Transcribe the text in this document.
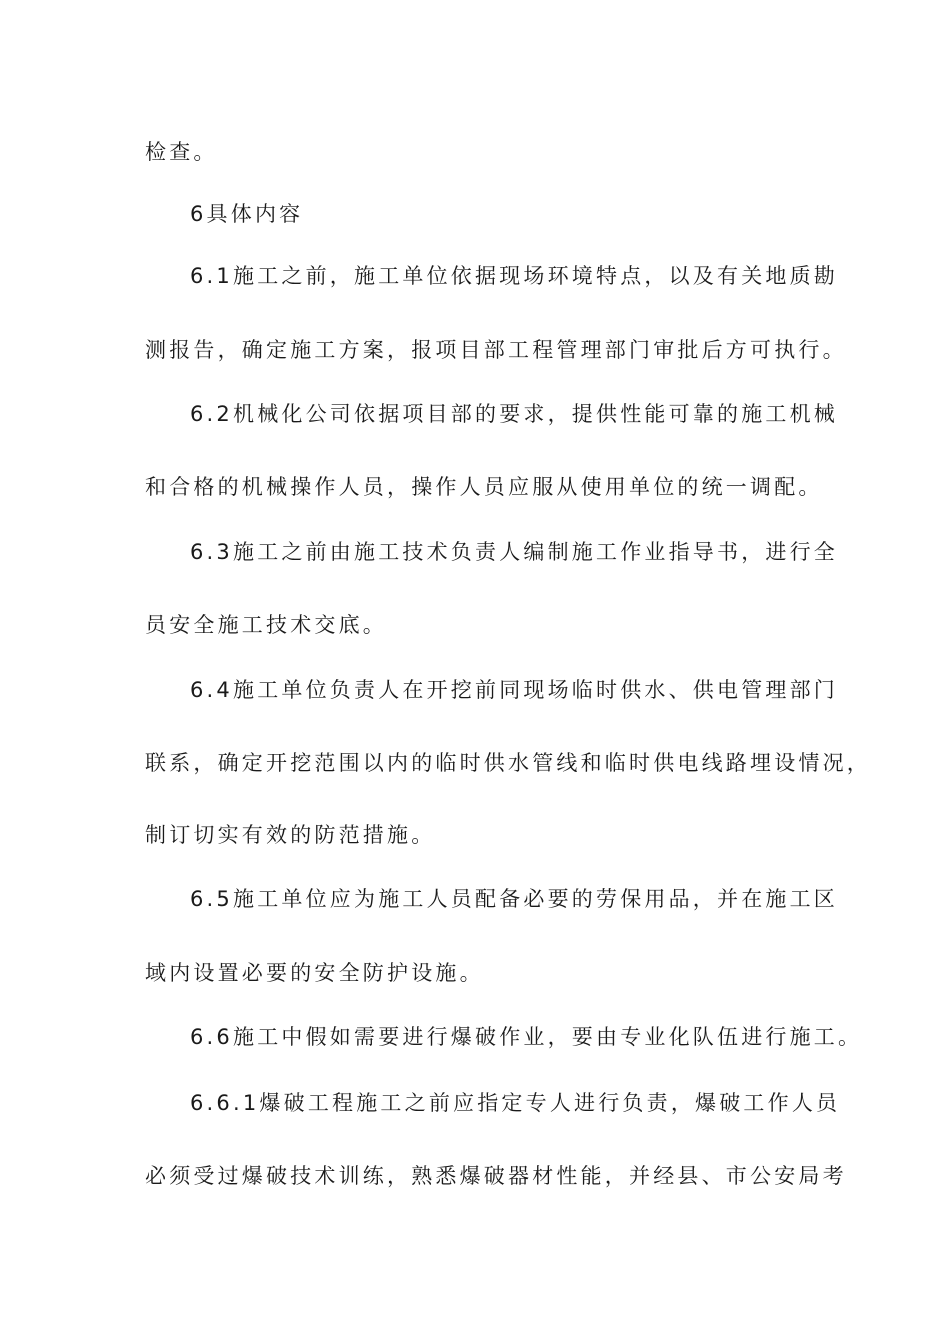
检查。
6具体内容
6.1施工之前，施工单位依据现场环境特点，以及有关地质勘
测报告，确定施工方案，报项目部工程管理部门审批后方可执行。
6.2机械化公司依据项目部的要求，提供性能可靠的施工机械
和合格的机械操作人员，操作人员应服从使用单位的统一调配。
6.3施工之前由施工技术负责人编制施工作业指导书，进行全
员安全施工技术交底。
6.4施工单位负责人在开挖前同现场临时供水、供电管理部门
联系，确定开挖范围以内的临时供水管线和临时供电线路埋设情况，
制订切实有效的防范措施。
6.5施工单位应为施工人员配备必要的劳保用品，并在施工区
域内设置必要的安全防护设施。
6.6施工中假如需要进行爆破作业，要由专业化队伍进行施工。
6.6.1爆破工程施工之前应指定专人进行负责，爆破工作人员
必须受过爆破技术训练，熟悉爆破器材性能，并经县、市公安局考
